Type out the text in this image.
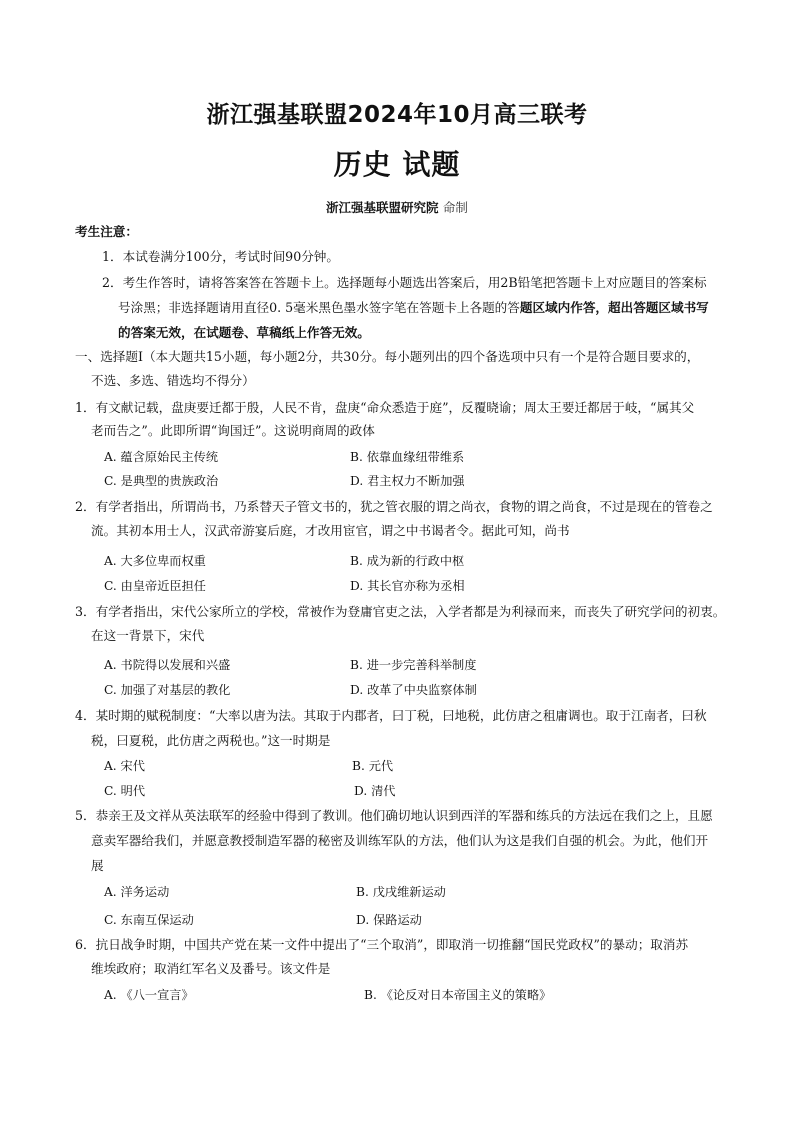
浙江强基联盟2024年10月高三联考
历史 试题
浙江强基联盟研究院 命制
考生注意：
1．本试卷满分100分，考试时间90分钟。
2．考生作答时，请将答案答在答题卡上。选择题每小题选出答案后，用2B铅笔把答题卡上对应题目的答案标
号涂黑；非选择题请用直径0. 5毫米黑色墨水签字笔在答题卡上各题的答题区域内作答，超出答题区域书写
的答案无效，在试题卷、草稿纸上作答无效。
一、选择题Ⅰ（本大题共15小题，每小题2分，共30分。每小题列出的四个备选项中只有一个是符合题目要求的，
不选、多选、错选均不得分）
1．有文献记载，盘庚要迁都于殷，人民不肯，盘庚“命众悉造于庭”，反覆晓谕；周太王要迁都居于岐，“属其父
老而告之”。此即所谓“询国迁”。这说明商周的政体
A. 蕴含原始民主传统	B. 依靠血缘纽带维系
C. 是典型的贵族政治	D. 君主权力不断加强
2．有学者指出，所谓尚书，乃系替天子管文书的，犹之管衣服的谓之尚衣，食物的谓之尚食，不过是现在的管卷之
流。其初本用士人，汉武帝游宴后庭，才改用宦官，谓之中书谒者令。据此可知，尚书
A. 大多位卑而权重	B. 成为新的行政中枢
C. 由皇帝近臣担任	D. 其长官亦称为丞相
3．有学者指出，宋代公家所立的学校，常被作为登庸官吏之法，入学者都是为利禄而来，而丧失了研究学问的初衷。
在这一背景下，宋代
A. 书院得以发展和兴盛	B. 进一步完善科举制度
C. 加强了对基层的教化	D. 改革了中央监察体制
4．某时期的赋税制度：“大率以唐为法。其取于内郡者，曰丁税，曰地税，此仿唐之租庸调也。取于江南者，曰秋
税，曰夏税，此仿唐之两税也。”这一时期是
A. 宋代	B. 元代
C. 明代	D. 清代
5．恭亲王及文祥从英法联军的经验中得到了教训。他们确切地认识到西洋的军器和练兵的方法远在我们之上，且愿
意卖军器给我们，并愿意教授制造军器的秘密及训练军队的方法，他们认为这是我们自强的机会。为此，他们开
展
A. 洋务运动	B. 戊戌维新运动
C. 东南互保运动	D. 保路运动
6．抗日战争时期，中国共产党在某一文件中提出了“三个取消”，即取消一切推翻“国民党政权”的暴动；取消苏
维埃政府；取消红军名义及番号。该文件是
A. 《八一宣言》	B. 《论反对日本帝国主义的策略》
